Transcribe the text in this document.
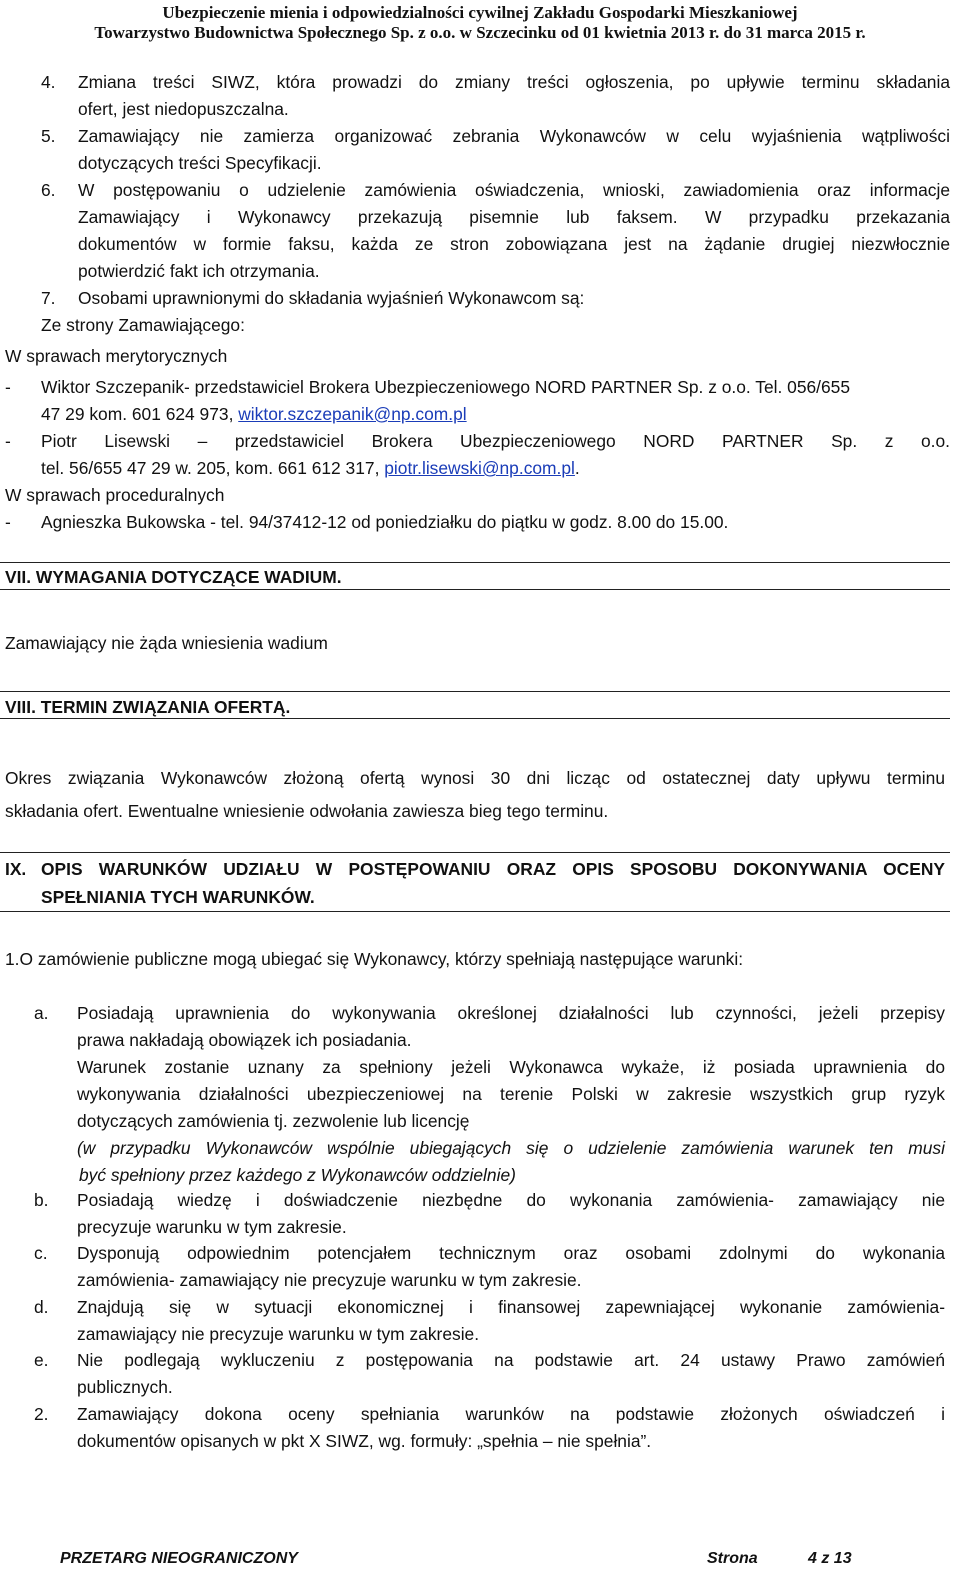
Ubezpieczenie mienia i odpowiedzialności cywilnej Zakładu Gospodarki Mieszkaniowej
Towarzystwo Budownictwa Społecznego Sp. z o.o. w Szczecinku od 01 kwietnia 2013 r. do 31 marca 2015 r.
4. Zmiana treści SIWZ, która prowadzi do zmiany treści ogłoszenia, po upływie terminu składania
ofert, jest niedopuszczalna.
5. Zamawiający nie zamierza organizować zebrania Wykonawców w celu wyjaśnienia wątpliwości
dotyczących treści Specyfikacji.
6. W postępowaniu o udzielenie zamówienia oświadczenia, wnioski, zawiadomienia oraz informacje
Zamawiający i Wykonawcy przekazują pisemnie lub faksem. W przypadku przekazania
dokumentów w formie faksu, każda ze stron zobowiązana jest na żądanie drugiej niezwłocznie
potwierdzić fakt ich otrzymania.
7. Osobami uprawnionymi do składania wyjaśnień Wykonawcom są:
Ze strony Zamawiającego:
W sprawach merytorycznych
- Wiktor Szczepanik- przedstawiciel Brokera Ubezpieczeniowego NORD PARTNER Sp. z o.o. Tel. 056/655
47 29 kom. 601 624 973, wiktor.szczepanik@np.com.pl
- Piotr Lisewski – przedstawiciel Brokera Ubezpieczeniowego NORD PARTNER Sp. z o.o.
tel. 56/655 47 29 w. 205, kom. 661 612 317, piotr.lisewski@np.com.pl.
W sprawach proceduralnych
- Agnieszka Bukowska - tel. 94/37412-12 od poniedziałku do piątku w godz. 8.00 do 15.00.
VII. WYMAGANIA DOTYCZĄCE WADIUM.
Zamawiający nie żąda wniesienia wadium
VIII. TERMIN ZWIĄZANIA OFERTĄ.
Okres związania Wykonawców złożoną ofertą wynosi 30 dni licząc od ostatecznej daty upływu terminu
składania ofert. Ewentualne wniesienie odwołania zawiesza bieg tego terminu.
IX. OPIS WARUNKÓW UDZIAŁU W POSTĘPOWANIU ORAZ OPIS SPOSOBU DOKONYWANIA OCENY
SPEŁNIANIA TYCH WARUNKÓW.
1.O zamówienie publiczne mogą ubiegać się Wykonawcy, którzy spełniają następujące warunki:
a. Posiadają uprawnienia do wykonywania określonej działalności lub czynności, jeżeli przepisy
prawa nakładają obowiązek ich posiadania.
Warunek zostanie uznany za spełniony jeżeli Wykonawca wykaże, iż posiada uprawnienia do
wykonywania działalności ubezpieczeniowej na terenie Polski w zakresie wszystkich grup ryzyk
dotyczących zamówienia tj. zezwolenie lub licencję
(w przypadku Wykonawców wspólnie ubiegających się o udzielenie zamówienia warunek ten musi
być spełniony przez każdego z Wykonawców oddzielnie)
b. Posiadają wiedzę i doświadczenie niezbędne do wykonania zamówienia- zamawiający nie
precyzuje warunku w tym zakresie.
c. Dysponują odpowiednim potencjałem technicznym oraz osobami zdolnymi do wykonania
zamówienia- zamawiający nie precyzuje warunku w tym zakresie.
d. Znajdują się w sytuacji ekonomicznej i finansowej zapewniającej wykonanie zamówienia-
zamawiający nie precyzuje warunku w tym zakresie.
e. Nie podlegają wykluczeniu z postępowania na podstawie art. 24 ustawy Prawo zamówień
publicznych.
2. Zamawiający dokona oceny spełniania warunków na podstawie złożonych oświadczeń i
dokumentów opisanych w pkt X SIWZ, wg. formuły: „spełnia – nie spełnia”.
PRZETARG NIEOGRANICZONY	Strona	4 z 13
